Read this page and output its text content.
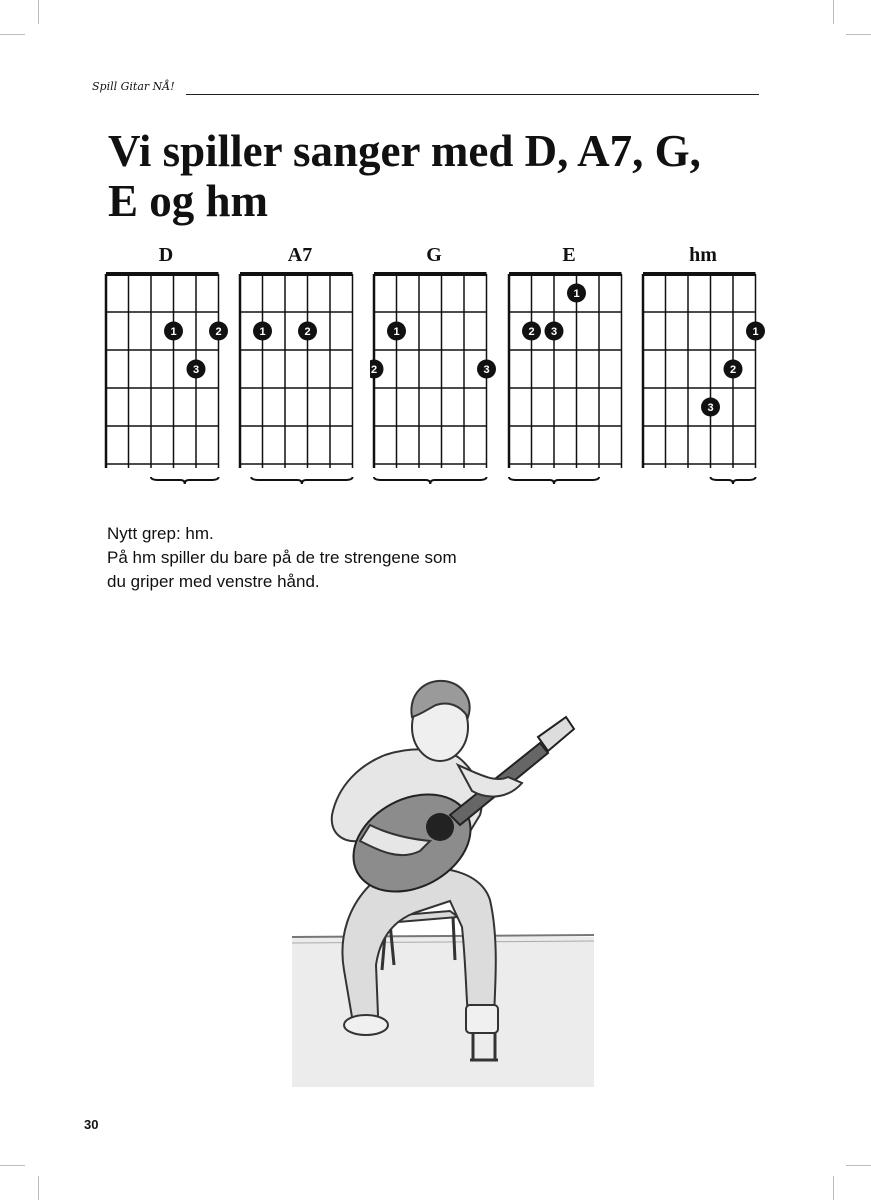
Spill Gitar NÅ!
Vi spiller sanger med D, A7, G,
E og hm
D
1	2
3
A7
1	2
G
1
2	3
E
1
2 3
hm
1
2
3
Nytt grep: hm.
På hm spiller du bare på de tre strengene som
du griper med venstre hånd.
30
